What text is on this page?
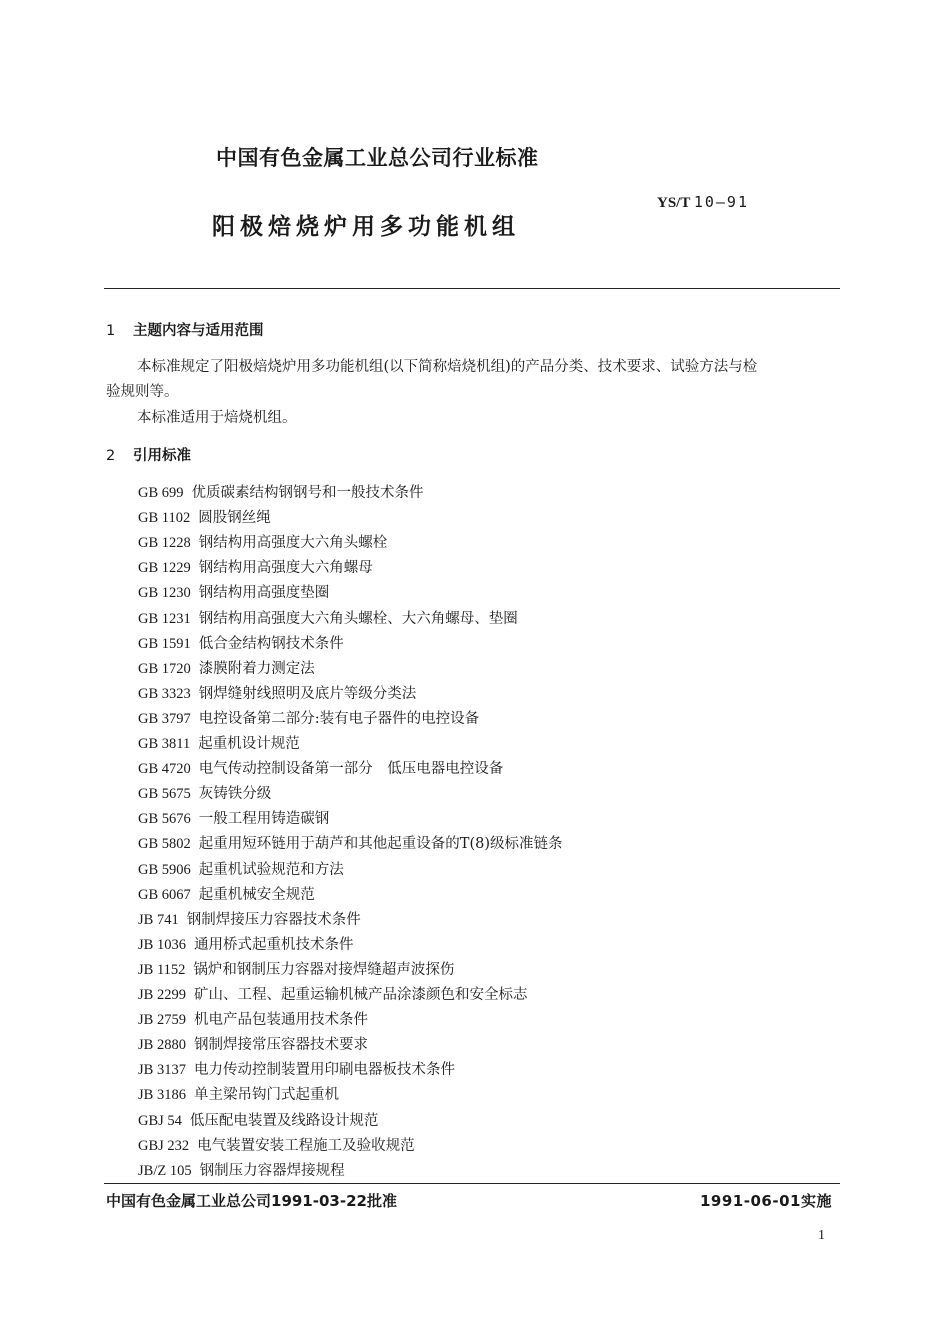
中国有色金属工业总公司行业标准
YS/T 10—91
阳极焙烧炉用多功能机组
1 主题内容与适用范围
本标准规定了阳极焙烧炉用多功能机组(以下简称焙烧机组)的产品分类、技术要求、试验方法与检
验规则等。
本标准适用于焙烧机组。
2 引用标准
GB 699 优质碳素结构钢钢号和一般技术条件
GB 1102 圆股钢丝绳
GB 1228 钢结构用高强度大六角头螺栓
GB 1229 钢结构用高强度大六角螺母
GB 1230 钢结构用高强度垫圈
GB 1231 钢结构用高强度大六角头螺栓、大六角螺母、垫圈
GB 1591 低合金结构钢技术条件
GB 1720 漆膜附着力测定法
GB 3323 钢焊缝射线照明及底片等级分类法
GB 3797 电控设备第二部分:装有电子器件的电控设备
GB 3811 起重机设计规范
GB 4720 电气传动控制设备第一部分　低压电器电控设备
GB 5675 灰铸铁分级
GB 5676 一般工程用铸造碳钢
GB 5802 起重用短环链用于葫芦和其他起重设备的T(8)级标准链条
GB 5906 起重机试验规范和方法
GB 6067 起重机械安全规范
JB 741 钢制焊接压力容器技术条件
JB 1036 通用桥式起重机技术条件
JB 1152 锅炉和钢制压力容器对接焊缝超声波探伤
JB 2299 矿山、工程、起重运输机械产品涂漆颜色和安全标志
JB 2759 机电产品包装通用技术条件
JB 2880 钢制焊接常压容器技术要求
JB 3137 电力传动控制装置用印刷电器板技术条件
JB 3186 单主梁吊钩门式起重机
GBJ 54 低压配电装置及线路设计规范
GBJ 232 电气装置安装工程施工及验收规范
JB/Z 105 钢制压力容器焊接规程
中国有色金属工业总公司1991-03-22批准	1991-06-01实施
1
